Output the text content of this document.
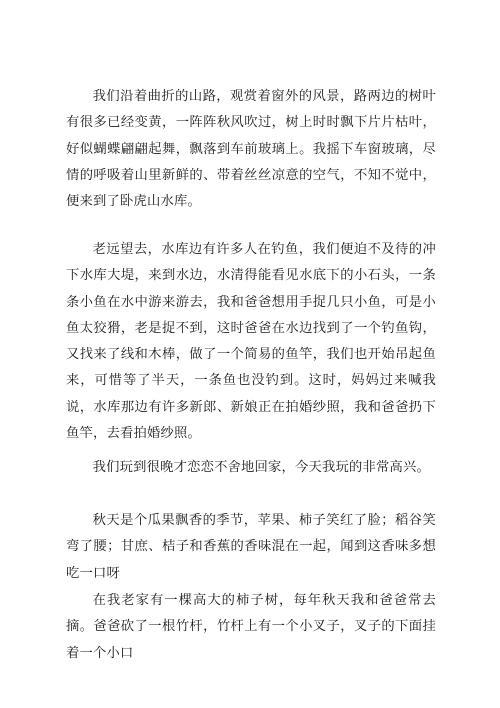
我们沿着曲折的山路，观赏着窗外的风景，路两边的树叶有很多已经变黄，一阵阵秋风吹过，树上时时飘下片片枯叶，好似蝴蝶翩翩起舞，飘落到车前玻璃上。我摇下车窗玻璃，尽情的呼吸着山里新鲜的、带着丝丝凉意的空气，不知不觉中，便来到了卧虎山水库。

老远望去，水库边有许多人在钓鱼，我们便迫不及待的冲下水库大堤，来到水边，水清得能看见水底下的小石头，一条条小鱼在水中游来游去，我和爸爸想用手捉几只小鱼，可是小鱼太狡猾，老是捉不到，这时爸爸在水边找到了一个钓鱼钩，又找来了线和木棒，做了一个简易的鱼竿，我们也开始吊起鱼来，可惜等了半天，一条鱼也没钓到。这时，妈妈过来喊我说，水库那边有许多新郎、新娘正在拍婚纱照，我和爸爸扔下鱼竿，去看拍婚纱照。

我们玩到很晚才恋恋不舍地回家，今天我玩的非常高兴。

秋天是个瓜果飘香的季节，苹果、柿子笑红了脸；稻谷笑弯了腰；甘庶、桔子和香蕉的香味混在一起，闻到这香味多想吃一口呀

在我老家有一棵高大的柿子树，每年秋天我和爸爸常去摘。爸爸砍了一根竹杆，竹杆上有一个小叉子，叉子的下面挂着一个小口
